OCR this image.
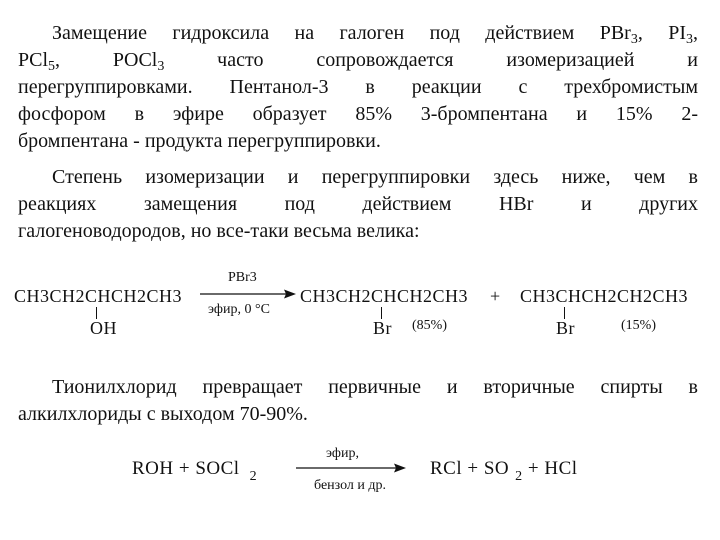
Замещение гидроксила на галоген под действием PBr$_3$, $PI_3$,
PCl$_5$, POCl$_3$ часто сопровождается изомеризацией и
перегруппировками. Пентанол-3 в реакции с трехбромистым
фосфором в эфире образует 85% 3-бромпентана и 15% 2-
бромпентана - продукта перегруппировки.
Степень изомеризации и перегруппировки здесь ниже, чем в
реакциях замещения под действием HBr и других
галогеноводородов, но все-таки весьма велика:
CH3CH2CHCH2CH3
OH
PBr3
эфир, 0 °C
CH3CH2CHCH2CH3
Br (85%)
+ CH3CHCH2CH2CH3
Br	(15%)
Тионилхлорид превращает первичные и вторичные спирты в
алкилхлориды с выходом 70-90%.
ROH + SOCl $_2$
эфир,
бензол и др.
RCl + SO $_2$ + HCl
